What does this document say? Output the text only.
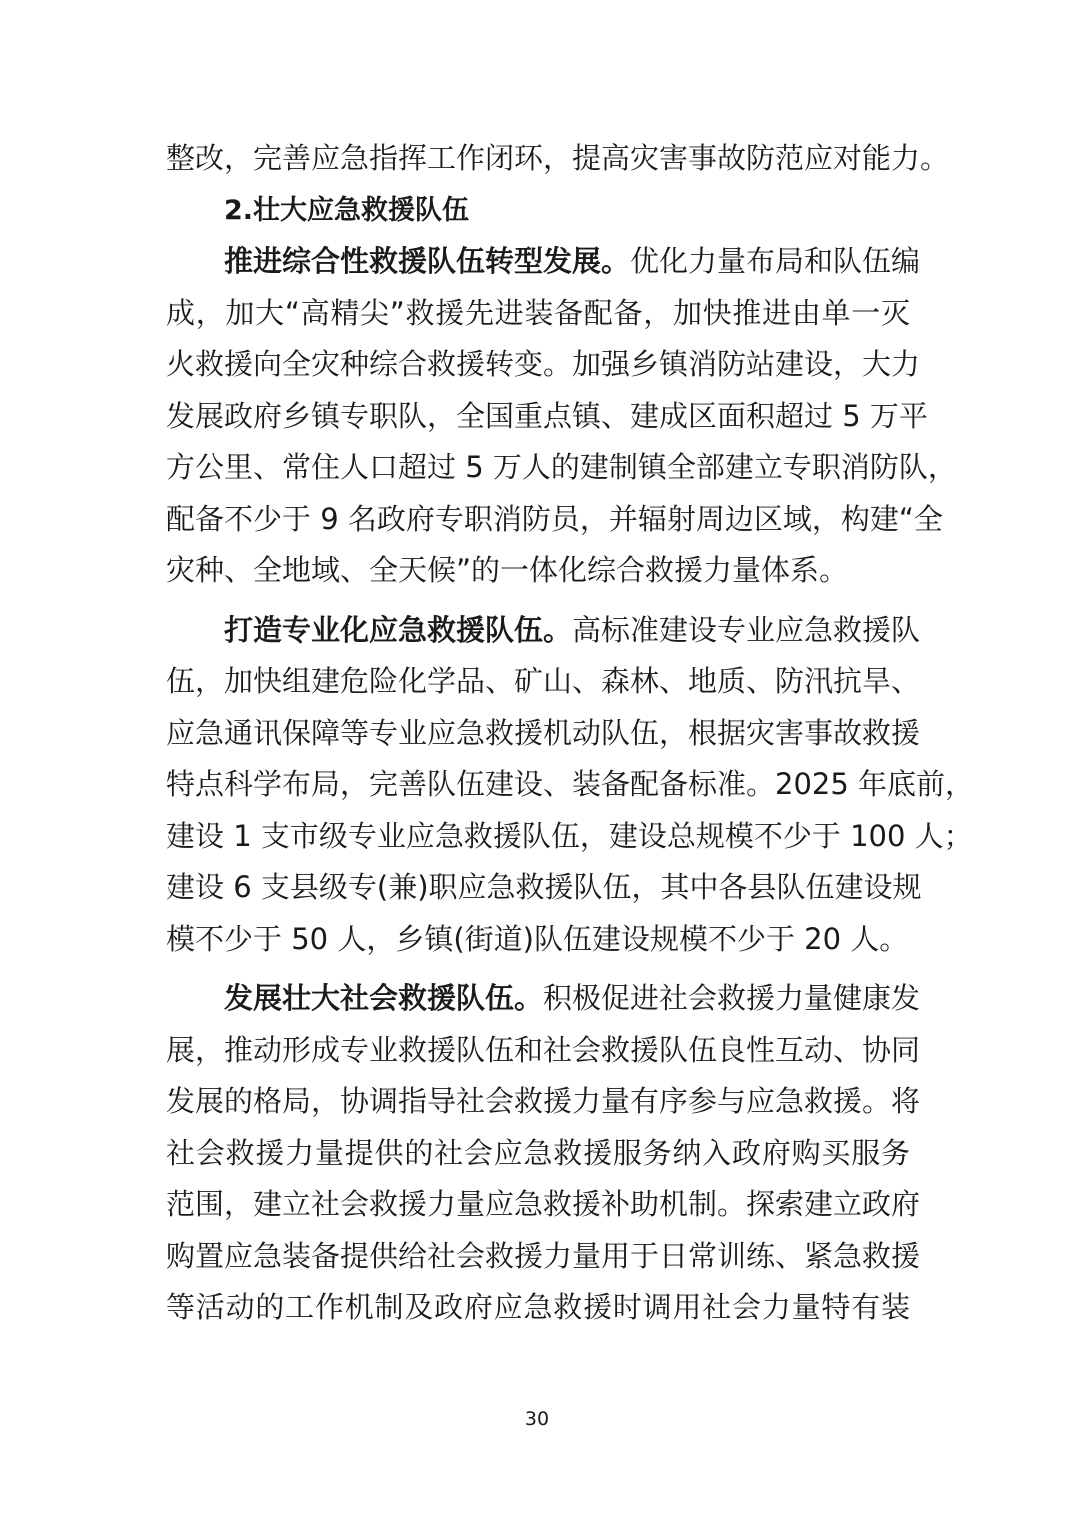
整改，完善应急指挥工作闭环，提高灾害事故防范应对能力。
2.壮大应急救援队伍
推进综合性救援队伍转型发展。优化力量布局和队伍编
成，加大“高精尖”救援先进装备配备，加快推进由单一灭
火救援向全灾种综合救援转变。加强乡镇消防站建设，大力
发展政府乡镇专职队，全国重点镇、建成区面积超过 5 万平
方公里、常住人口超过 5 万人的建制镇全部建立专职消防队，
配备不少于 9 名政府专职消防员，并辐射周边区域，构建“全
灾种、全地域、全天候”的一体化综合救援力量体系。
打造专业化应急救援队伍。高标准建设专业应急救援队
伍，加快组建危险化学品、矿山、森林、地质、防汛抗旱、
应急通讯保障等专业应急救援机动队伍，根据灾害事故救援
特点科学布局，完善队伍建设、装备配备标准。2025 年底前，
建设 1 支市级专业应急救援队伍，建设总规模不少于 100 人；
建设 6 支县级专(兼)职应急救援队伍，其中各县队伍建设规
模不少于 50 人，乡镇(街道)队伍建设规模不少于 20 人。
发展壮大社会救援队伍。积极促进社会救援力量健康发
展，推动形成专业救援队伍和社会救援队伍良性互动、协同
发展的格局，协调指导社会救援力量有序参与应急救援。将
社会救援力量提供的社会应急救援服务纳入政府购买服务
范围，建立社会救援力量应急救援补助机制。探索建立政府
购置应急装备提供给社会救援力量用于日常训练、紧急救援
等活动的工作机制及政府应急救援时调用社会力量特有装
30
